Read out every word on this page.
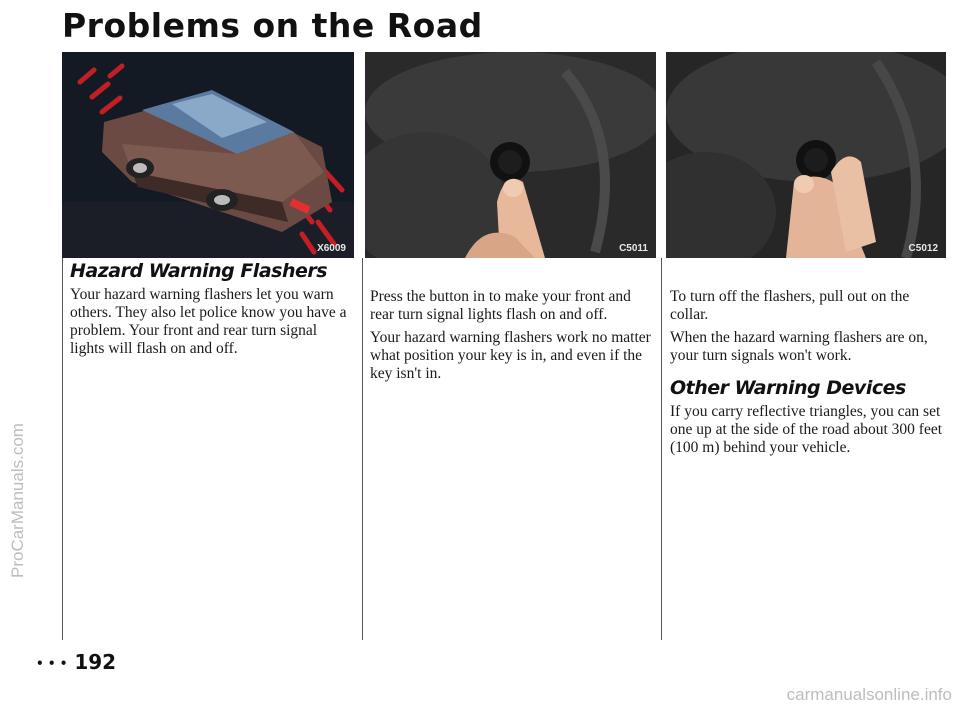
Problems on the Road
ProCarManuals.com
X6009	C5011	C5012
Hazard Warning Flashers

Your hazard warning flashers let you warn others. They also let police know you have a problem. Your front and rear turn signal lights will flash on and off.

Press the button in to make your front and rear turn signal lights flash on and off.

Your hazard warning flashers work no matter what position your key is in, and even if the key isn't in.

To turn off the flashers, pull out on the collar.

When the hazard warning flashers are on, your turn signals won't work.

Other Warning Devices

If you carry reflective triangles, you can set one up at the side of the road about 300 feet (100 m) behind your vehicle.

• • • 192
carmanualsonline.info
